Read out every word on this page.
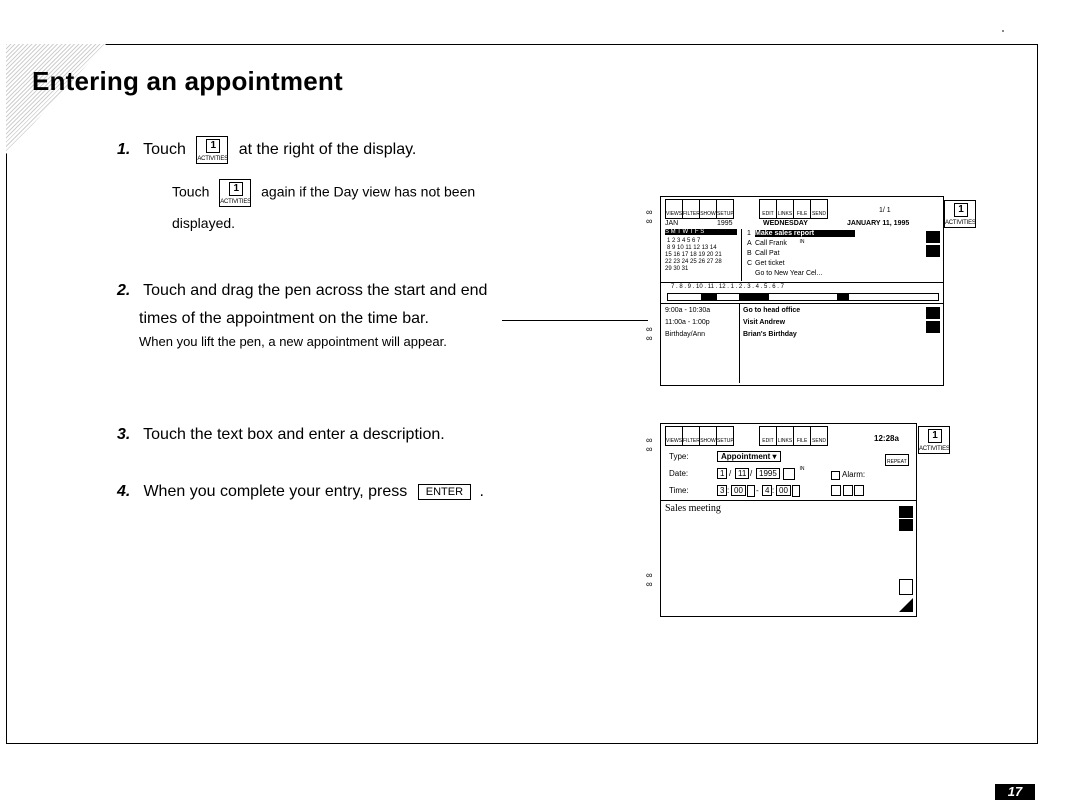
Entering an appointment
1. Touch	1
ACTIVITIES
at the right of the display.
Touch	1
ACTIVITIES
again if the Day view has not been
displayed.
2. Touch and drag the pen across the start and end
times of the appointment on the time bar.
When you lift the pen, a new appointment will appear.
3. Touch the text box and enter a description.
4. When you complete your entry, press ENTER .
VIEWS FILTER SHOW SETUP	EDIT LINKS FILE IN
SEND	1/ 1
JAN	1995	WEDNESDAY	JANUARY 11, 1995
S M T W T F S
1 2 3 4 5 6 7
8 9 10 11 12 13 14
15 16 17 18 19 20 21
22 23 24 25 26 27 28
29 30 31
1 Make sales report
A Call Frank
B Call Pat
C Get ticket
Go to New Year Cel...
7 . 8 . 9 . 10 . 11 . 12 . 1 . 2 . 3 . 4 . 5 . 6 . 7
9:00a - 10:30a	Go to head office
11:00a - 1:00p	Visit Andrew
Birthday/Ann	Brian's Birthday
∞
∞

∞
∞
1
ACTIVITIES
VIEWS FILTER SHOW SETUP	EDIT LINKS FILE IN
SEND	12:28a
Type:	Appointment ▾
REPEAT
Date:	1 / 11 / 1995	Alarm:
Time:	3 : 00	- 4 : 00
Sales meeting
∞
∞

∞
∞
1
ACTIVITIES
17
